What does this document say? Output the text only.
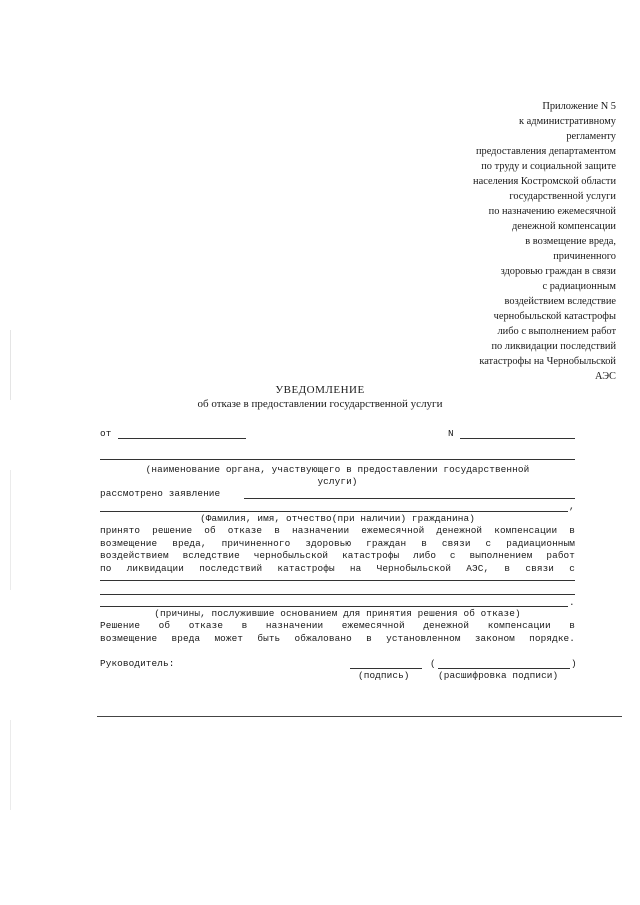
Приложение N 5
к административному
регламенту
предоставления департаментом
по труду и социальной защите
населения Костромской области
государственной услуги
по назначению ежемесячной
денежной компенсации
в возмещение вреда,
причиненного
здоровью граждан в связи
с радиационным
воздействием вследствие
чернобыльской катастрофы
либо с выполнением работ
по ликвидации последствий
катастрофы на Чернобыльской
АЭС
УВЕДОМЛЕНИЕ
об отказе в предоставлении государственной услуги
от	N
(наименование органа, участвующего в предоставлении государственной
услуги)
рассмотрено заявление
,
(Фамилия, имя, отчество(при наличии) гражданина)
принято решение об отказе в назначении ежемесячной денежной компенсации в
возмещение вреда, причиненного здоровью граждан в связи с радиационным
воздействием вследствие чернобыльской катастрофы либо с выполнением работ
по ликвидации последствий катастрофы на Чернобыльской АЭС, в связи с
.
(причины, послужившие основанием для принятия решения об отказе)
Решение об отказе в назначении ежемесячной денежной компенсации в
возмещение вреда может быть обжаловано в установленном законом порядке.
Руководитель:	(	)
(подпись)	(расшифровка подписи)
